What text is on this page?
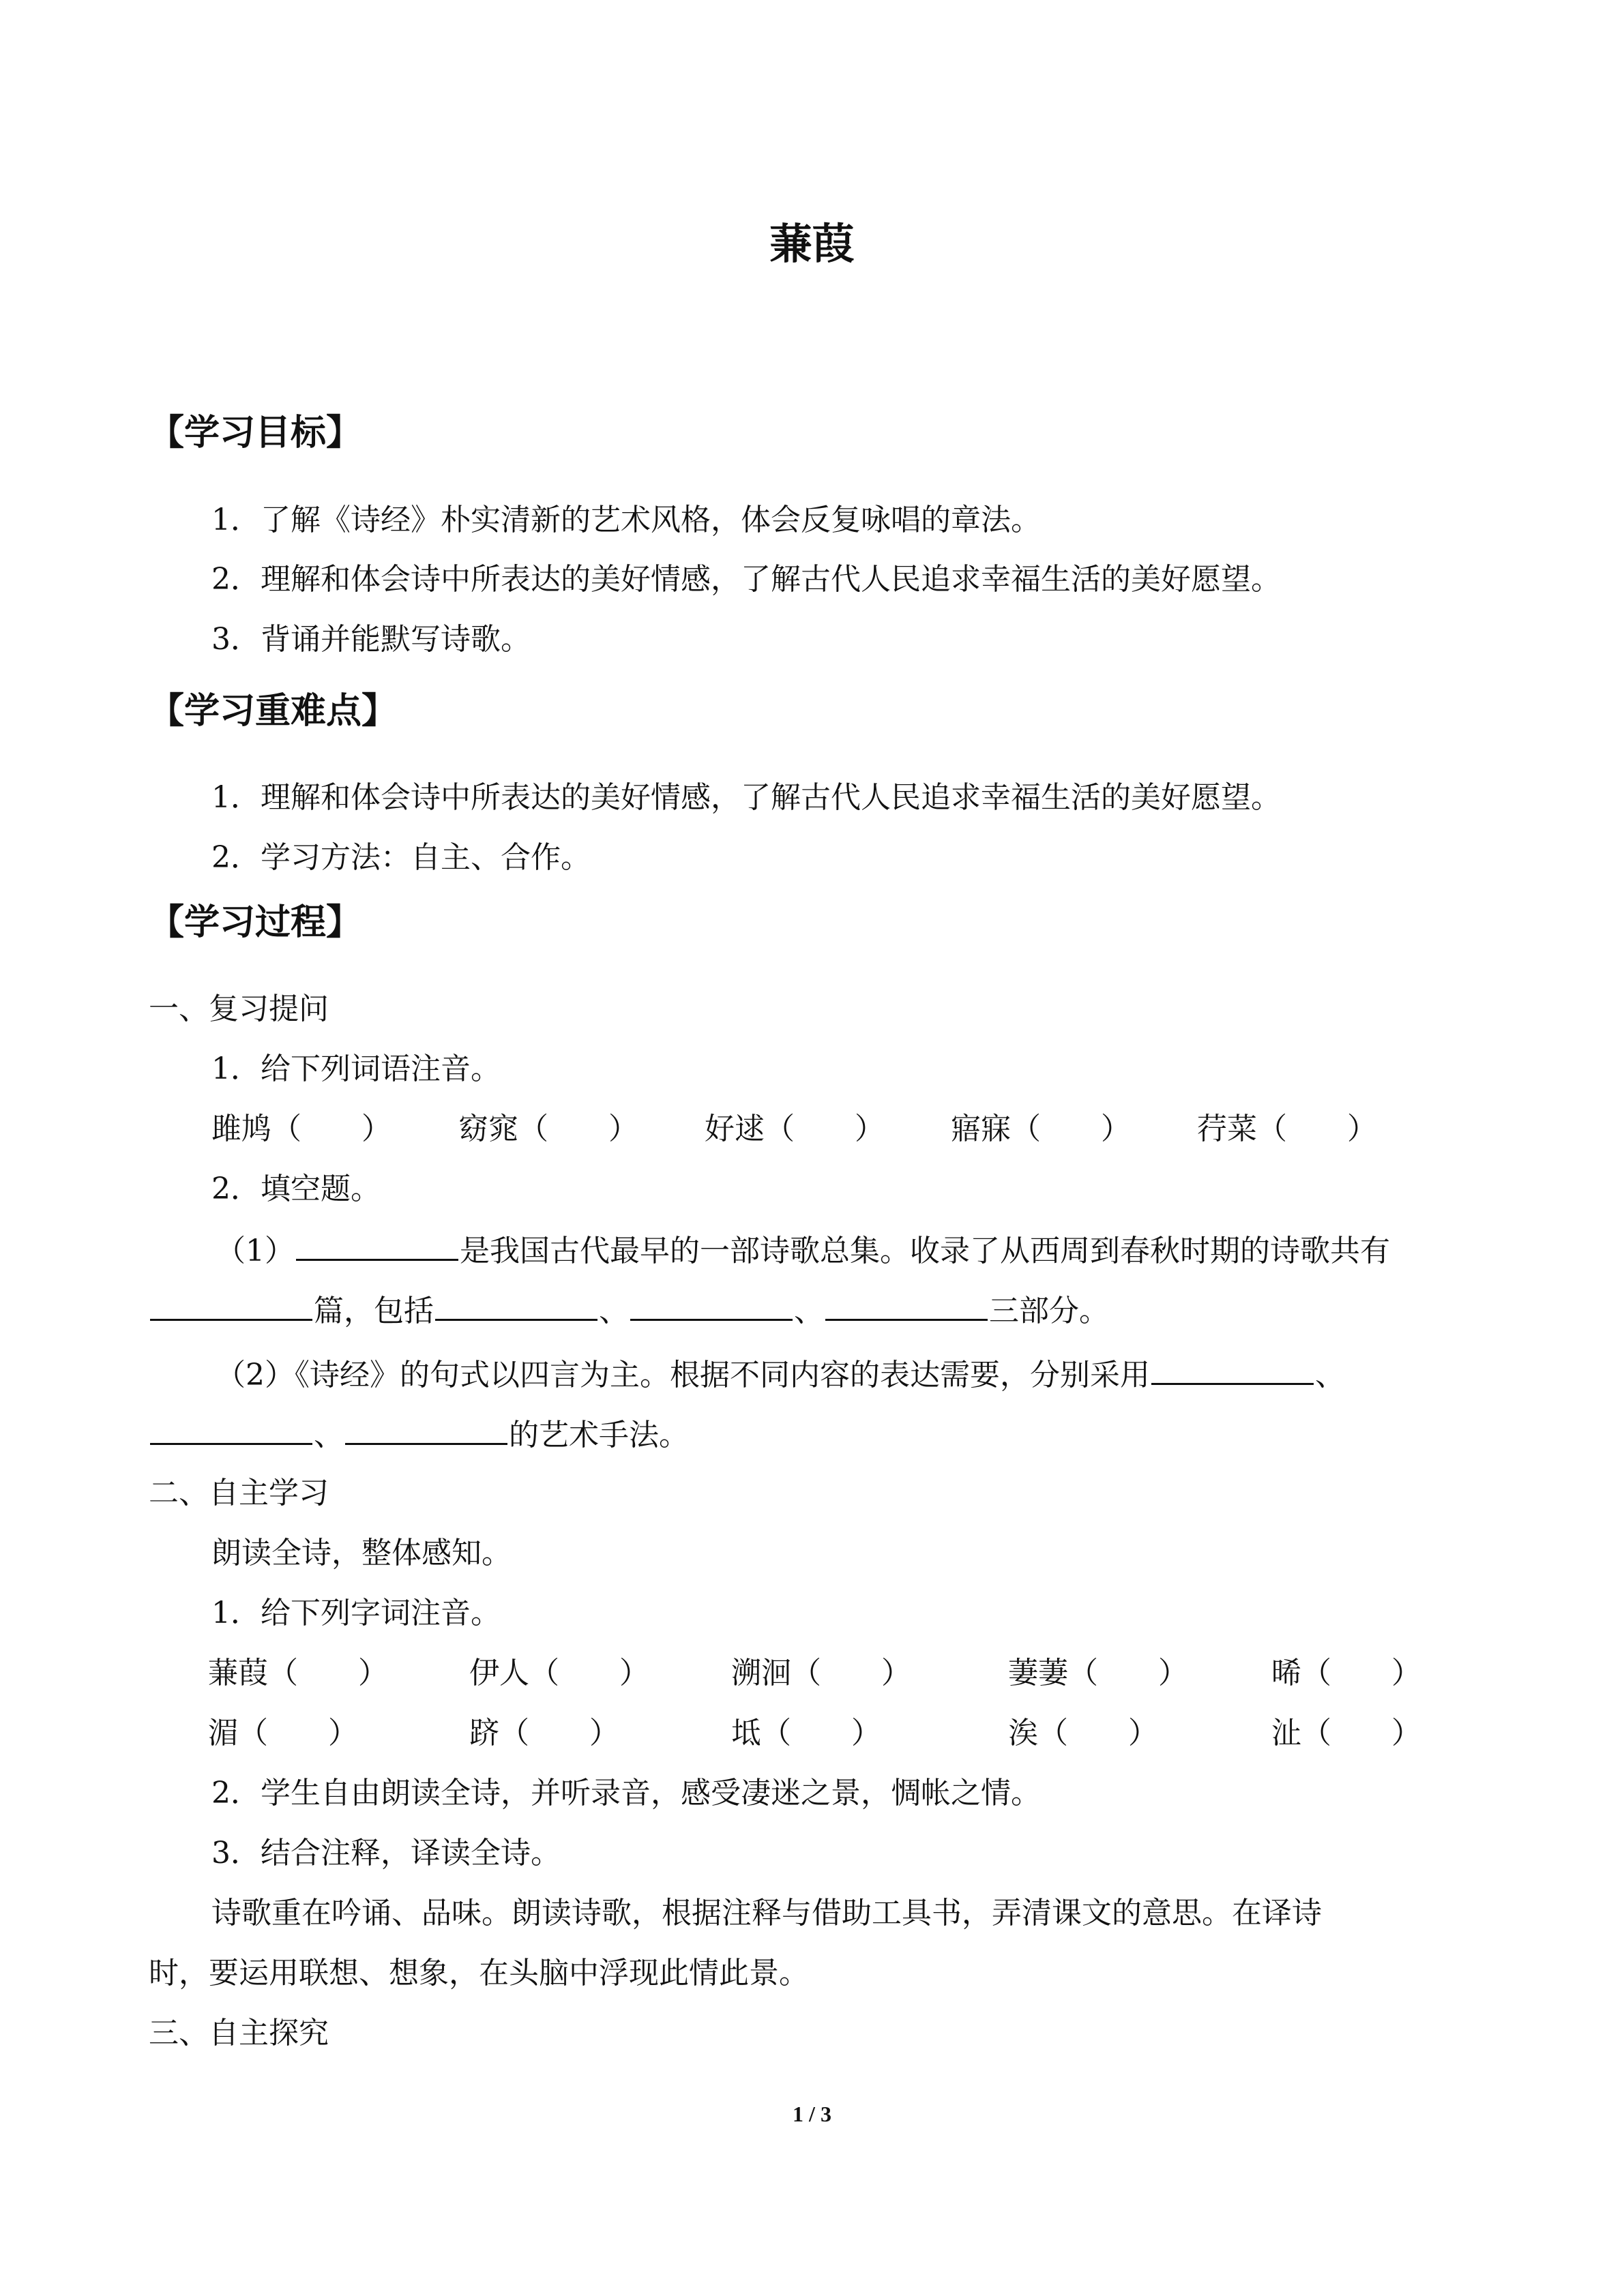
蒹葭
【学习目标】
1．了解《诗经》朴实清新的艺术风格，体会反复咏唱的章法。
2．理解和体会诗中所表达的美好情感，了解古代人民追求幸福生活的美好愿望。
3．背诵并能默写诗歌。
【学习重难点】
1．理解和体会诗中所表达的美好情感，了解古代人民追求幸福生活的美好愿望。
2．学习方法：自主、合作。
【学习过程】
一、复习提问
1．给下列词语注音。
雎鸠（　　） 窈窕（　　） 好逑（　　） 寤寐（　　） 荇菜（　　）
2．填空题。
（1）	是我国古代最早的一部诗歌总集。收录了从西周到春秋时期的诗歌共有
篇，包括	、	、	三部分。
（2）《诗经》的句式以四言为主。根据不同内容的表达需要，分别采用	、
、	的艺术手法。
二、自主学习
朗读全诗，整体感知。
1．给下列字词注音。
蒹葭（　　）	伊人（　　）	溯洄（　　）	萋萋（　　）	晞（　　）
湄（　　）	跻（　　）	坻（　　）	涘（　　）	沚（　　）
2．学生自由朗读全诗，并听录音，感受凄迷之景，惆帐之情。
3．结合注释，译读全诗。
诗歌重在吟诵、品味。朗读诗歌，根据注释与借助工具书，弄清课文的意思。在译诗
时，要运用联想、想象，在头脑中浮现此情此景。
三、自主探究
1 / 3
